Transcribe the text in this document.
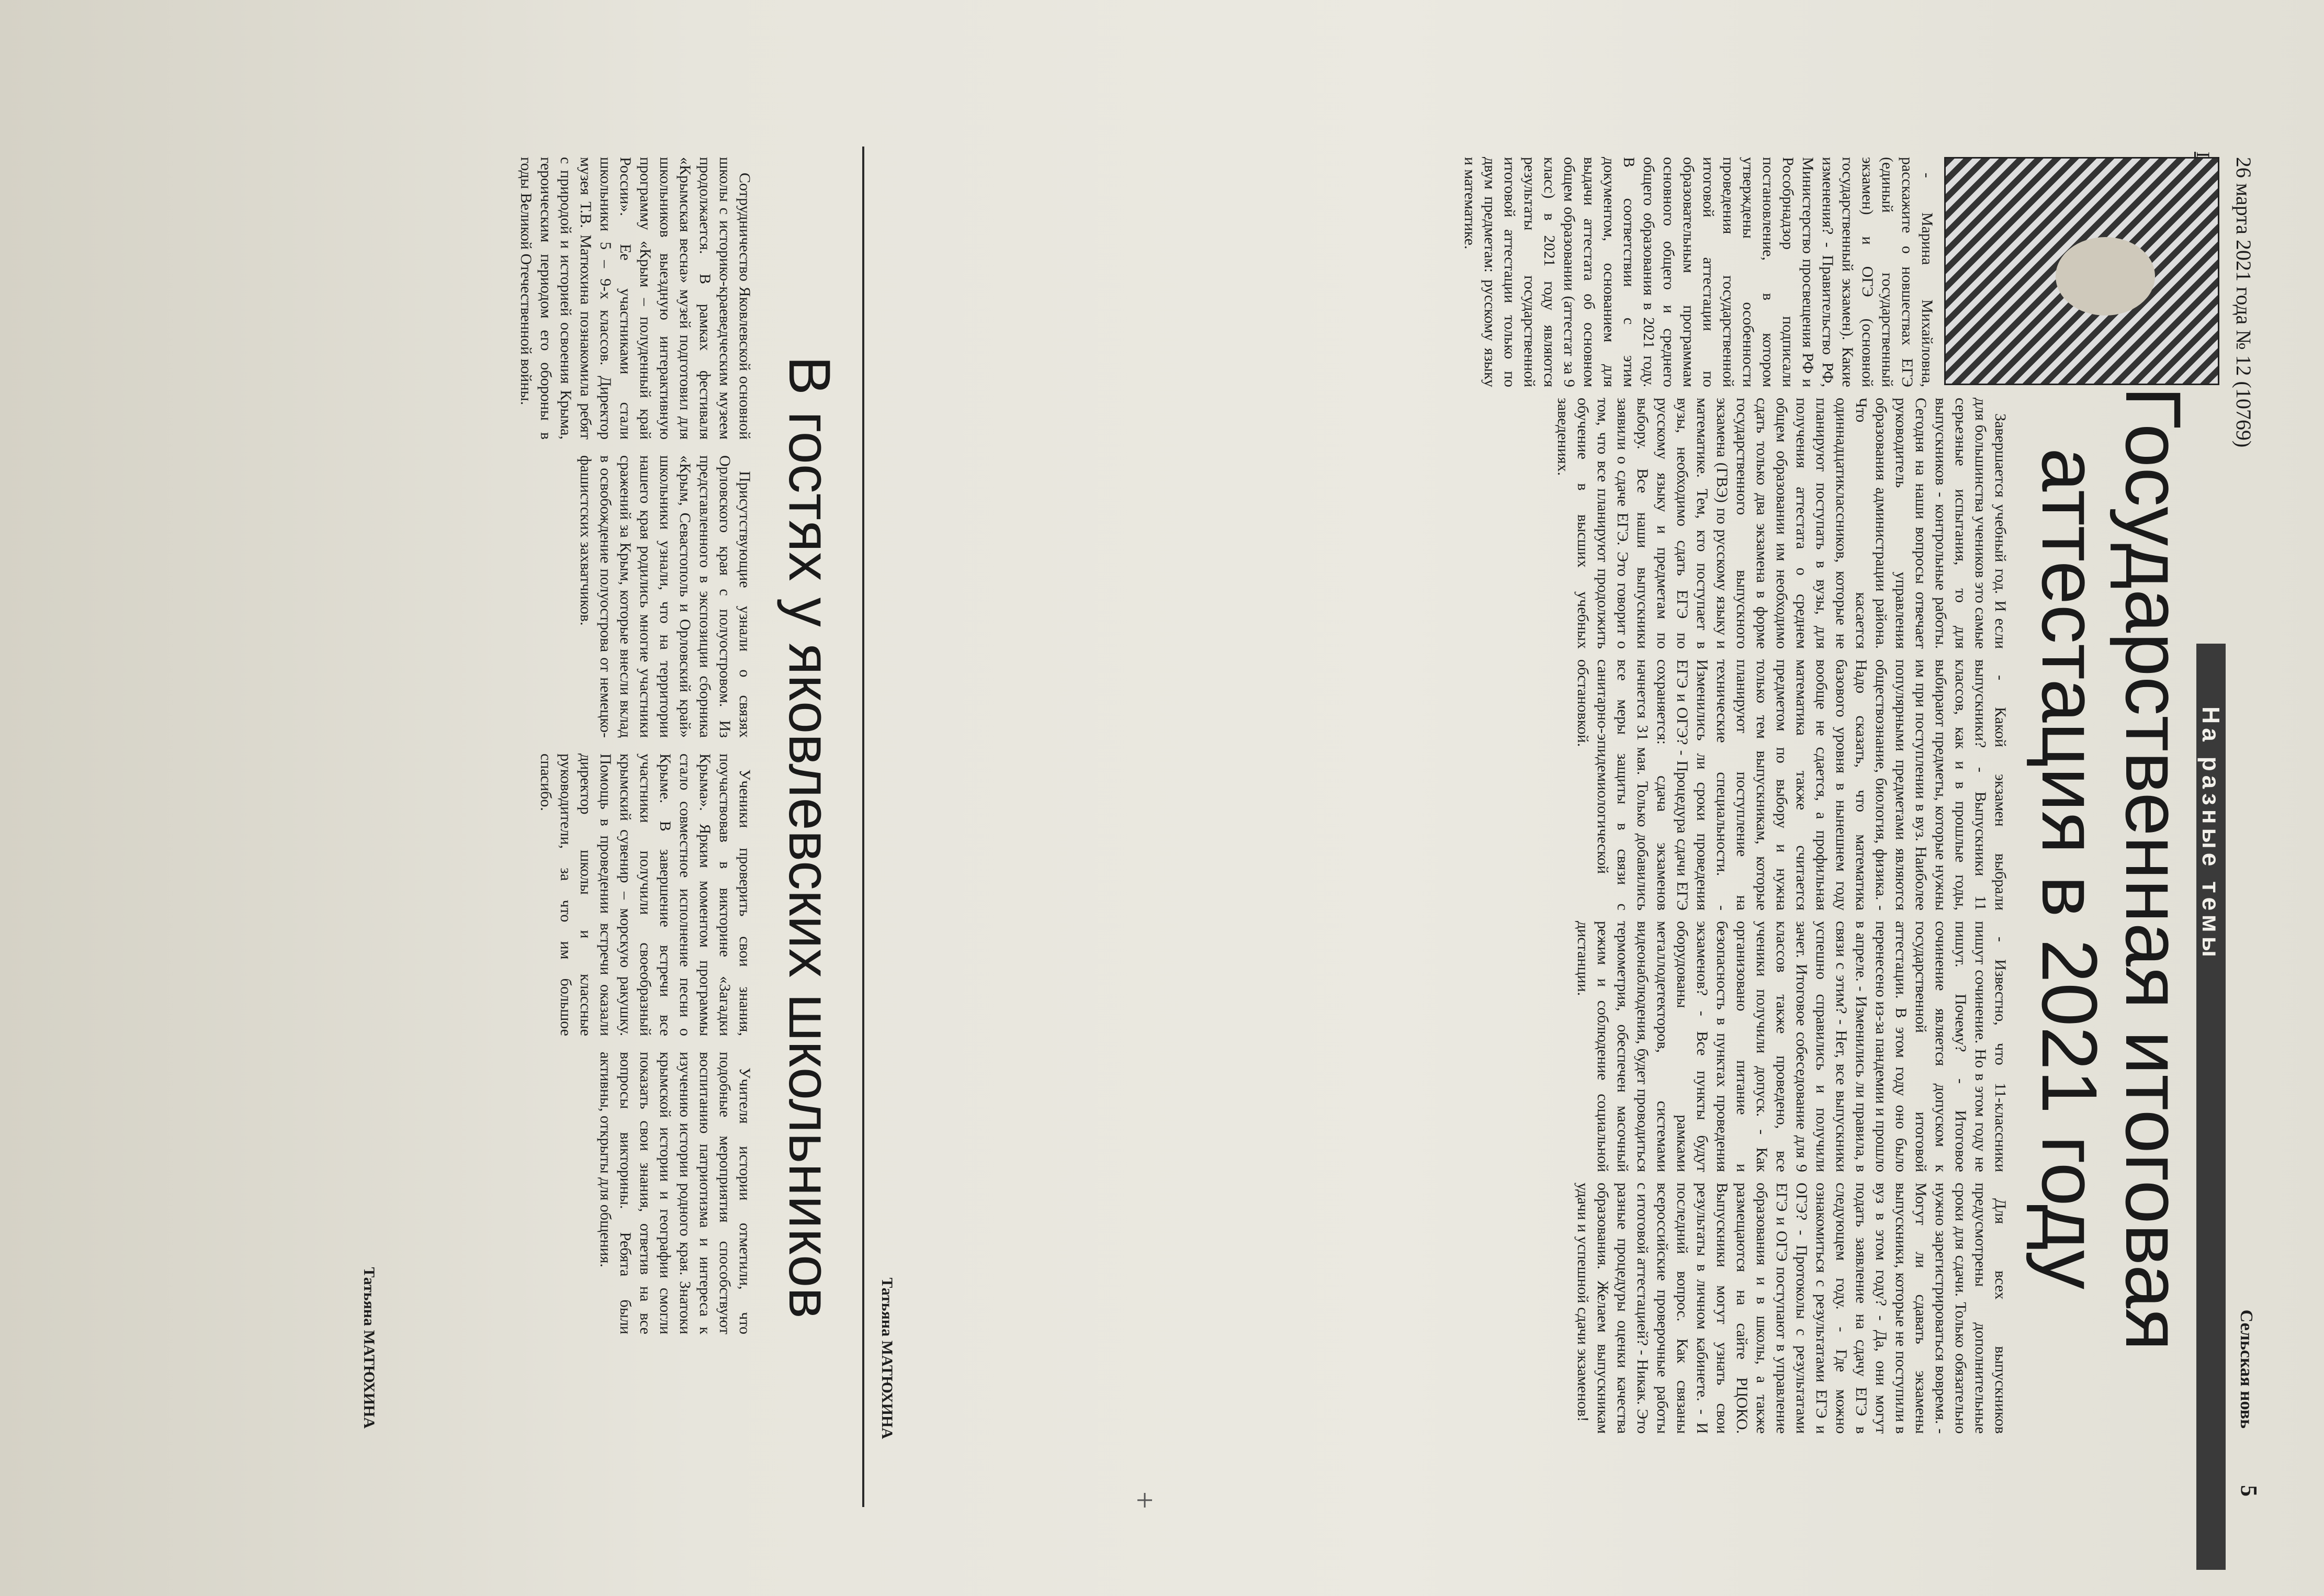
26 марта 2021 года № 12 (10769)
Сельская новь
5
На разные темы
Государственная итоговая
аттестация в 2021 году

- Марина Михайловна, расскажите о новшествах ЕГЭ (единый государственный экзамен) и ОГЭ (основной государственный экзамен). Какие изменения? - Правительство РФ, Министерство просвещения РФ и Рособрнадзор подписали постановление, в котором утверждены особенности проведения государственной итоговой аттестации по образовательным программам основного общего и среднего общего образования в 2021 году. В соответствии с этим документом, основанием для выдачи аттестата об основном общем образовании (аттестат за 9 класс) в 2021 году являются результаты государственной итоговой аттестации только по двум предметам: русскому языку и математике.

Завершается учебный год. И если для большинства учеников это самые серьезные испытания, то для выпускников - контрольные работы. Сегодня на наши вопросы отвечает руководитель управления образования администрации района. Что касается одиннадцатиклассников, которые не планируют поступать в вузы, для получения аттестата о среднем общем образовании им необходимо сдать только два экзамена в форме государственного выпускного экзамена (ГВЭ) по русскому языку и математике. Тем, кто поступает в вузы, необходимо сдать ЕГЭ по русскому языку и предметам по выбору. Все наши выпускники заявили о сдаче ЕГЭ. Это говорит о том, что все планируют продолжить обучение в высших учебных заведениях.

- Какой экзамен выбрали выпускники? - Выпускники 11 классов, как и в прошлые годы, выбирают предметы, которые нужны им при поступлении в вуз. Наиболее популярными предметами являются обществознание, биология, физика. - Надо сказать, что математика базового уровня в нынешнем году вообще не сдается, а профильная математика также считается предметом по выбору и нужна только тем выпускникам, которые планируют поступление на технические специальности. - Изменились ли сроки проведения ЕГЭ и ОГЭ? - Процедура сдачи ЕГЭ сохраняется: сдача экзаменов начнется 31 мая. Только добавились все меры защиты в связи с санитарно-эпидемиологической обстановкой.

- Известно, что 11-классники пишут сочинение. Но в этом году не пишут. Почему? - Итоговое сочинение является допуском к государственной итоговой аттестации. В этом году оно было перенесено из-за пандемии и прошло в апреле. - Изменились ли правила, в связи с этим? - Нет, все выпускники успешно справились и получили зачет. Итоговое собеседование для 9 классов также проведено, все ученики получили допуск. - Как организовано питание и безопасность в пунктах проведения экзаменов? - Все пункты будут оборудованы рамками металлодетекторов, системами видеонаблюдения, будет проводиться термометрия, обеспечен масочный режим и соблюдение социальной дистанции.

Для всех выпускников предусмотрены дополнительные сроки для сдачи. Только обязательно нужно зарегистрироваться вовремя. - Могут ли сдавать экзамены выпускники, которые не поступили в вуз в этом году? - Да, они могут подать заявление на сдачу ЕГЭ в следующем году. - Где можно ознакомиться с результатами ЕГЭ и ОГЭ? - Протоколы с результатами ЕГЭ и ОГЭ поступают в управление образования и в школы, а также размещаются на сайте РЦОКО. Выпускники могут узнать свои результаты в личном кабинете. - И последний вопрос. Как связаны всероссийские проверочные работы с итоговой аттестацией? - Никак. Это разные процедуры оценки качества образования. Желаем выпускникам удачи и успешной сдачи экзаменов!

Татьяна МАТЮХИНА
В гостях у яковлевских школьников

Сотрудничество Яковлевской основной школы с историко-краеведческим музеем продолжается. В рамках фестиваля «Крымская весна» музей подготовил для школьников выездную интерактивную программу «Крым – полуденный край России». Ее участниками стали школьники 5 – 9-х классов. Директор музея Т.В. Матюхина познакомила ребят с природой и историей освоения Крыма, героическим периодом его обороны в годы Великой Отечественной войны.

Присутствующие узнали о связях Орловского края с полуостровом. Из представленного в экспозиции сборника «Крым, Севастополь и Орловский край» школьники узнали, что на территории нашего края родились многие участники сражений за Крым, которые внесли вклад в освобождение полуострова от немецко-фашистских захватчиков.

Ученики проверить свои знания, поучаствовав в викторине «Загадки Крыма». Ярким моментом программы стало совместное исполнение песни о Крыме. В завершение встречи все участники получили своеобразный крымский сувенир – морскую ракушку. Помощь в проведении встречи оказали директор школы и классные руководители, за что им большое спасибо.

Учителя истории отметили, что подобные мероприятия способствуют воспитанию патриотизма и интереса к изучению истории родного края. Знатоки крымской истории и географии смогли показать свои знания, ответив на все вопросы викторины. Ребята были активны, открыты для общения.

Татьяна МАТЮХИНА
+
